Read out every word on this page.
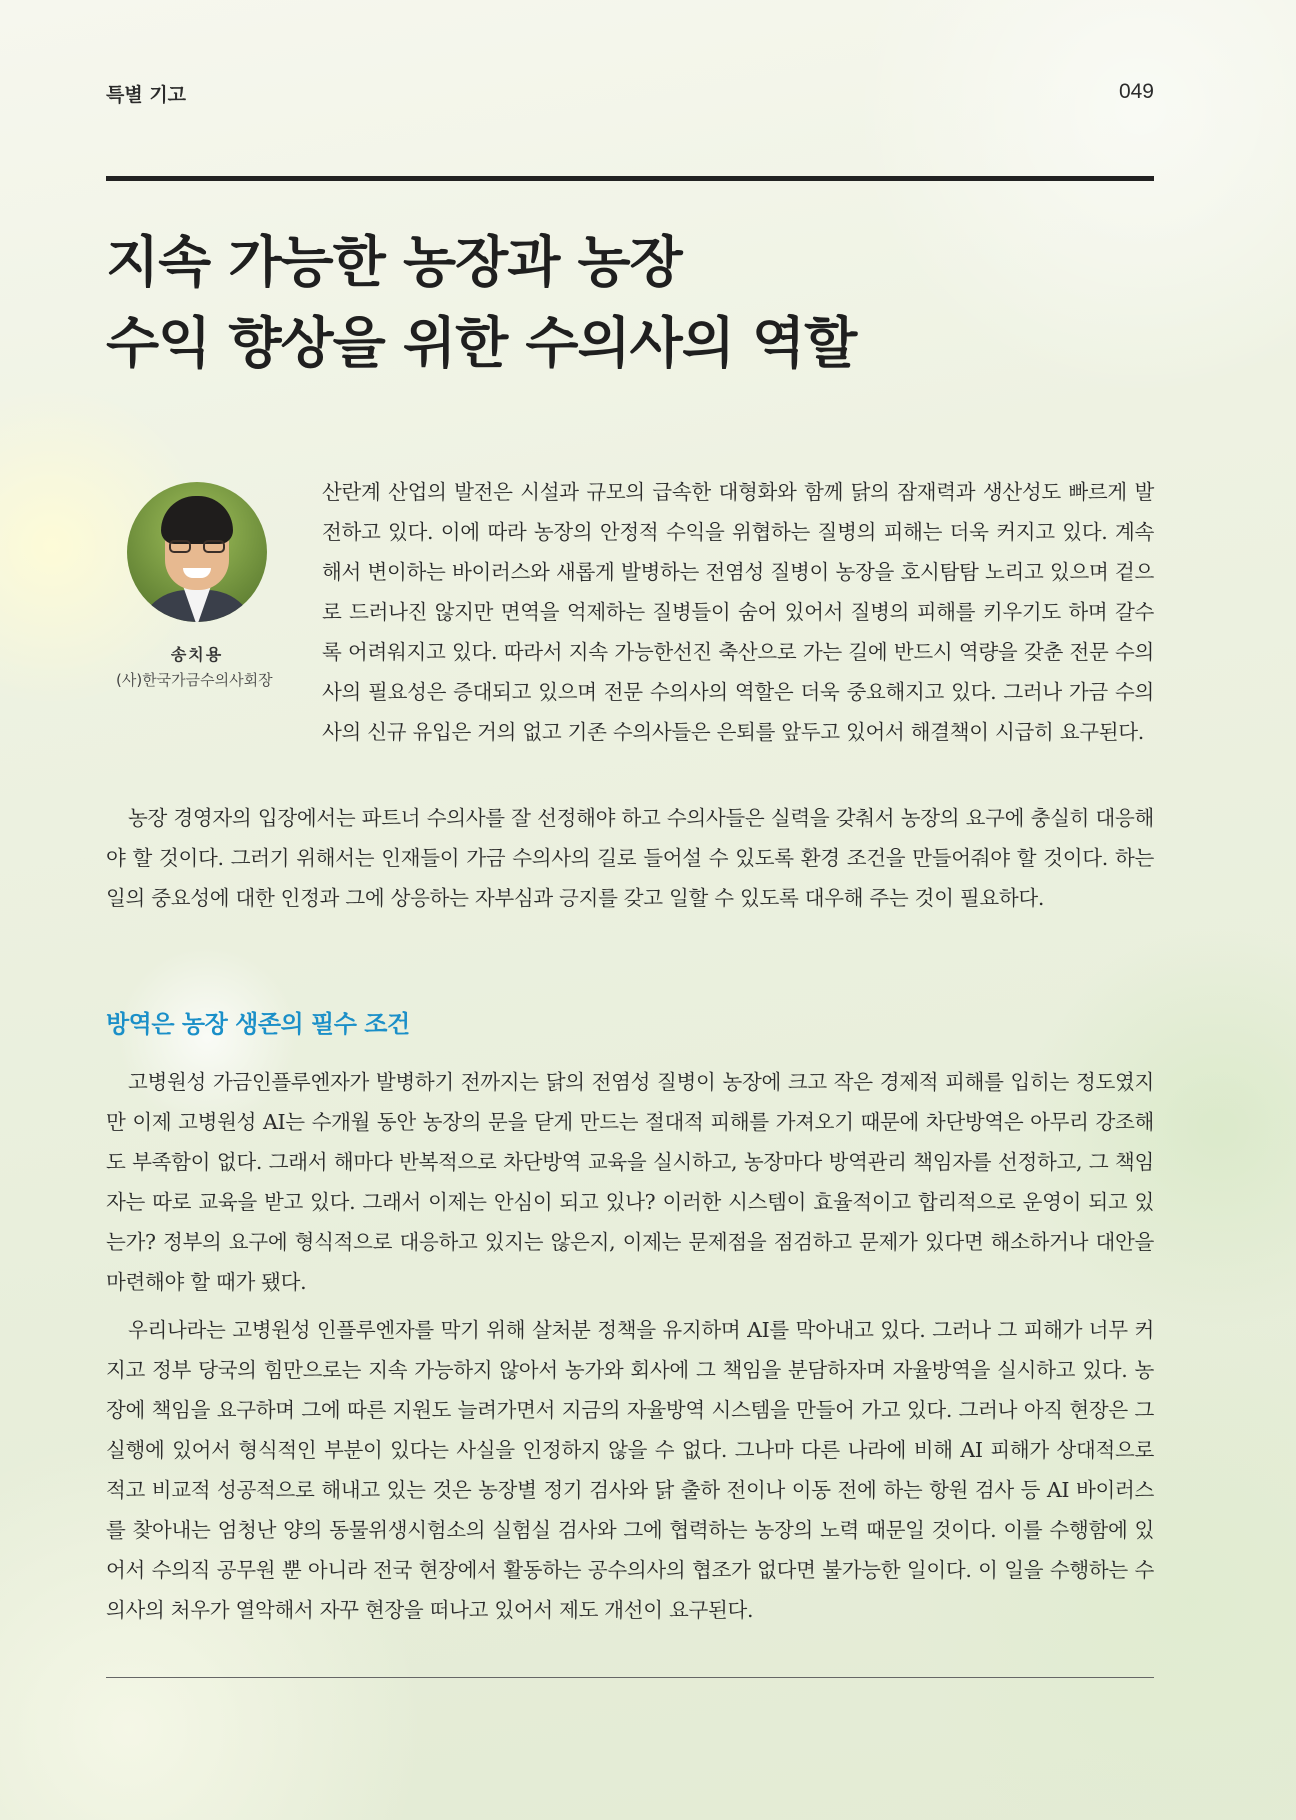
특별 기고	049
지속 가능한 농장과 농장
수익 향상을 위한 수의사의 역할
송치용
(사)한국가금수의사회장

산란계 산업의 발전은 시설과 규모의 급속한 대형화와 함께 닭의 잠재력과 생산성도 빠르게 발전하고 있다. 이에 따라 농장의 안정적 수익을 위협하는 질병의 피해는 더욱 커지고 있다. 계속해서 변이하는 바이러스와 새롭게 발병하는 전염성 질병이 농장을 호시탐탐 노리고 있으며 겉으로 드러나진 않지만 면역을 억제하는 질병들이 숨어 있어서 질병의 피해를 키우기도 하며 갈수록 어려워지고 있다. 따라서 지속 가능한선진 축산으로 가는 길에 반드시 역량을 갖춘 전문 수의사의 필요성은 증대되고 있으며 전문 수의사의 역할은 더욱 중요해지고 있다. 그러나 가금 수의사의 신규 유입은 거의 없고 기존 수의사들은 은퇴를 앞두고 있어서 해결책이 시급히 요구된다.

농장 경영자의 입장에서는 파트너 수의사를 잘 선정해야 하고 수의사들은 실력을 갖춰서 농장의 요구에 충실히 대응해야 할 것이다. 그러기 위해서는 인재들이 가금 수의사의 길로 들어설 수 있도록 환경 조건을 만들어줘야 할 것이다. 하는 일의 중요성에 대한 인정과 그에 상응하는 자부심과 긍지를 갖고 일할 수 있도록 대우해 주는 것이 필요하다.

방역은 농장 생존의 필수 조건

고병원성 가금인플루엔자가 발병하기 전까지는 닭의 전염성 질병이 농장에 크고 작은 경제적 피해를 입히는 정도였지만 이제 고병원성 AI는 수개월 동안 농장의 문을 닫게 만드는 절대적 피해를 가져오기 때문에 차단방역은 아무리 강조해도 부족함이 없다. 그래서 해마다 반복적으로 차단방역 교육을 실시하고, 농장마다 방역관리 책임자를 선정하고, 그 책임자는 따로 교육을 받고 있다. 그래서 이제는 안심이 되고 있나? 이러한 시스템이 효율적이고 합리적으로 운영이 되고 있는가? 정부의 요구에 형식적으로 대응하고 있지는 않은지, 이제는 문제점을 점검하고 문제가 있다면 해소하거나 대안을 마련해야 할 때가 됐다.

우리나라는 고병원성 인플루엔자를 막기 위해 살처분 정책을 유지하며 AI를 막아내고 있다. 그러나 그 피해가 너무 커지고 정부 당국의 힘만으로는 지속 가능하지 않아서 농가와 회사에 그 책임을 분담하자며 자율방역을 실시하고 있다. 농장에 책임을 요구하며 그에 따른 지원도 늘려가면서 지금의 자율방역 시스템을 만들어 가고 있다. 그러나 아직 현장은 그 실행에 있어서 형식적인 부분이 있다는 사실을 인정하지 않을 수 없다. 그나마 다른 나라에 비해 AI 피해가 상대적으로 적고 비교적 성공적으로 해내고 있는 것은 농장별 정기 검사와 닭 출하 전이나 이동 전에 하는 항원 검사 등 AI 바이러스를 찾아내는 엄청난 양의 동물위생시험소의 실험실 검사와 그에 협력하는 농장의 노력 때문일 것이다. 이를 수행함에 있어서 수의직 공무원 뿐 아니라 전국 현장에서 활동하는 공수의사의 협조가 없다면 불가능한 일이다. 이 일을 수행하는 수의사의 처우가 열악해서 자꾸 현장을 떠나고 있어서 제도 개선이 요구된다.
